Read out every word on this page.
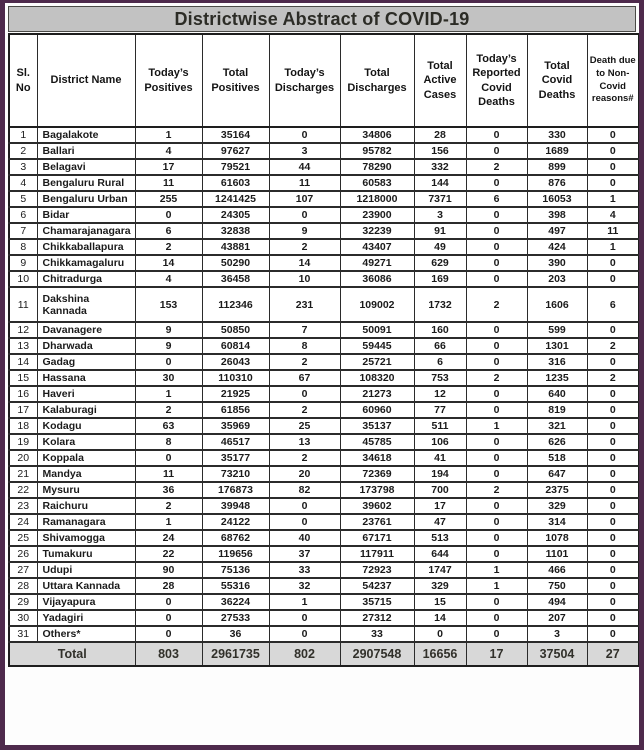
Districtwise Abstract of COVID-19
Sl. No	District Name	Today’s Positives	Total Positives	Today’s Discharges	Total Discharges	Total Active Cases	Today’s Reported Covid Deaths	Total Covid Deaths	Death due to Non-Covid reasons#
1	Bagalakote	1	35164	0	34806	28	0	330	0
2	Ballari	4	97627	3	95782	156	0	1689	0
3	Belagavi	17	79521	44	78290	332	2	899	0
4	Bengaluru Rural	11	61603	11	60583	144	0	876	0
5	Bengaluru Urban	255	1241425	107	1218000	7371	6	16053	1
6	Bidar	0	24305	0	23900	3	0	398	4
7	Chamarajanagara	6	32838	9	32239	91	0	497	11
8	Chikkaballapura	2	43881	2	43407	49	0	424	1
9	Chikkamagaluru	14	50290	14	49271	629	0	390	0
10	Chitradurga	4	36458	10	36086	169	0	203	0
11	Dakshina Kannada	153	112346	231	109002	1732	2	1606	6
12	Davanagere	9	50850	7	50091	160	0	599	0
13	Dharwada	9	60814	8	59445	66	0	1301	2
14	Gadag	0	26043	2	25721	6	0	316	0
15	Hassana	30	110310	67	108320	753	2	1235	2
16	Haveri	1	21925	0	21273	12	0	640	0
17	Kalaburagi	2	61856	2	60960	77	0	819	0
18	Kodagu	63	35969	25	35137	511	1	321	0
19	Kolara	8	46517	13	45785	106	0	626	0
20	Koppala	0	35177	2	34618	41	0	518	0
21	Mandya	11	73210	20	72369	194	0	647	0
22	Mysuru	36	176873	82	173798	700	2	2375	0
23	Raichuru	2	39948	0	39602	17	0	329	0
24	Ramanagara	1	24122	0	23761	47	0	314	0
25	Shivamogga	24	68762	40	67171	513	0	1078	0
26	Tumakuru	22	119656	37	117911	644	0	1101	0
27	Udupi	90	75136	33	72923	1747	1	466	0
28	Uttara Kannada	28	55316	32	54237	329	1	750	0
29	Vijayapura	0	36224	1	35715	15	0	494	0
30	Yadagiri	0	27533	0	27312	14	0	207	0
31	Others*	0	36	0	33	0	0	3	0
Total		803	2961735	802	2907548	16656	17	37504	27
